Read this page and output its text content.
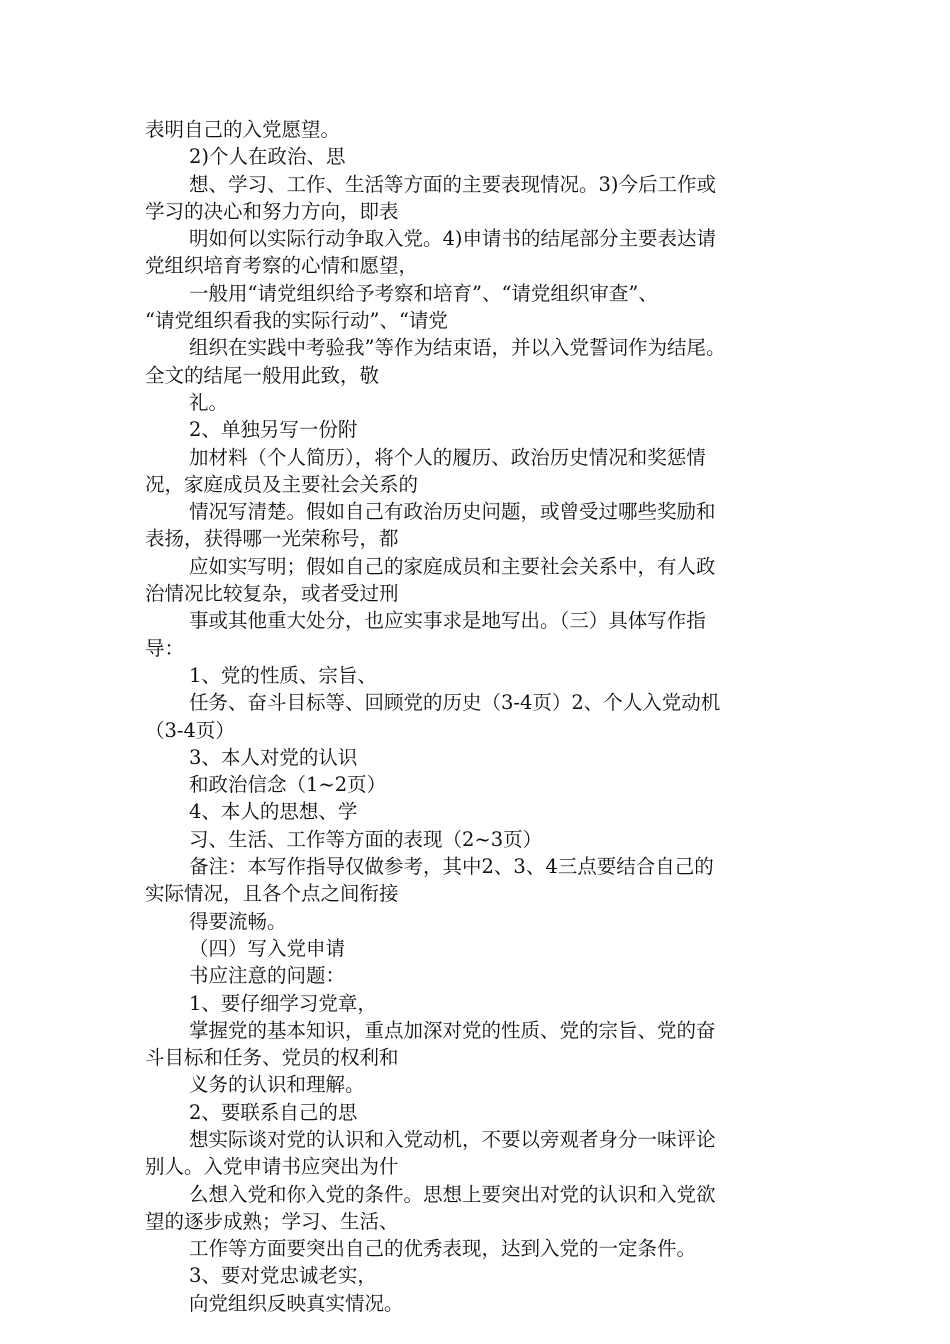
表明自己的入党愿望。
2)个人在政治、思
想、学习、工作、生活等方面的主要表现情况。3)今后工作或
学习的决心和努力方向，即表
明如何以实际行动争取入党。4)申请书的结尾部分主要表达请
党组织培育考察的心情和愿望，
一般用“请党组织给予考察和培育”、“请党组织审查”、
“请党组织看我的实际行动”、“请党
组织在实践中考验我”等作为结束语，并以入党誓词作为结尾。
全文的结尾一般用此致，敬
礼。
2、单独另写一份附
加材料（个人简历），将个人的履历、政治历史情况和奖惩情
况，家庭成员及主要社会关系的
情况写清楚。假如自己有政治历史问题，或曾受过哪些奖励和
表扬，获得哪一光荣称号，都
应如实写明；假如自己的家庭成员和主要社会关系中，有人政
治情况比较复杂，或者受过刑
事或其他重大处分，也应实事求是地写出。（三）具体写作指
导：
1、党的性质、宗旨、
任务、奋斗目标等、回顾党的历史（3-4页）2、个人入党动机
（3-4页）
3、本人对党的认识
和政治信念（1~2页）
4、本人的思想、学
习、生活、工作等方面的表现（2~3页）
备注：本写作指导仅做参考，其中2、3、4三点要结合自己的
实际情况，且各个点之间衔接
得要流畅。
（四）写入党申请
书应注意的问题：
1、要仔细学习党章，
掌握党的基本知识，重点加深对党的性质、党的宗旨、党的奋
斗目标和任务、党员的权利和
义务的认识和理解。
2、要联系自己的思
想实际谈对党的认识和入党动机，不要以旁观者身分一味评论
别人。入党申请书应突出为什
么想入党和你入党的条件。思想上要突出对党的认识和入党欲
望的逐步成熟；学习、生活、
工作等方面要突出自己的优秀表现，达到入党的一定条件。
3、要对党忠诚老实，
向党组织反映真实情况。
